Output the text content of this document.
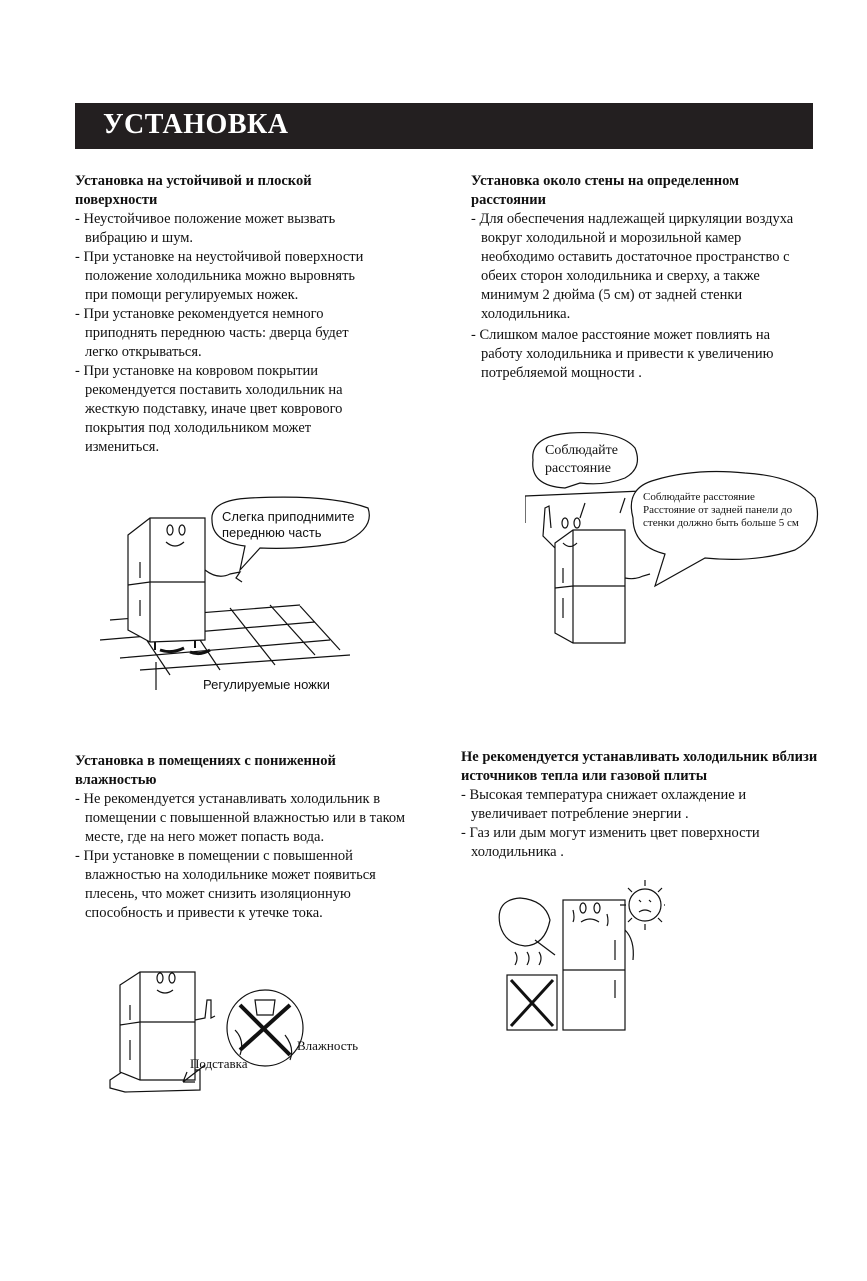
УСТАНОВКА
Установка на устойчивой и плоской поверхности
- Неустойчивое положение может вызвать вибрацию и шум.
- При установке на неустойчивой поверхности положение холодильника можно выровнять при помощи регулируемых ножек.
- При установке рекомендуется немного приподнять переднюю часть: дверца будет легко открываться.
- При установке на ковровом покрытии рекомендуется поставить холодильник на жесткую подставку, иначе цвет коврового покрытия под холодильником может измениться.
Установка около стены на определенном расстоянии
- Для обеспечения надлежащей циркуляции воздуха вокруг холодильной и морозильной камер необходимо оставить достаточное пространство с обеих сторон холодильника и сверху, а также минимум 2 дюйма (5 см) от задней стенки холодильника.
- Слишком малое расстояние может повлиять на работу холодильника и привести к увеличению потребляемой мощности .
Установка в помещениях с пониженной влажностью
- Не рекомендуется устанавливать холодильник в помещении с повышенной влажностью или в таком месте, где на него может попасть вода.
- При установке в помещении с повышенной влажностью на холодильнике может появиться плесень, что может снизить изоляционную способность и привести к утечке тока.
Не рекомендуется устанавливать холодильник вблизи источников тепла или газовой плиты
- Высокая температура снижает охлаждение и увеличивает потребление энергии .
- Газ или дым могут изменить цвет поверхности холодильника .
Слегка приподнимите переднюю часть
Регулируемые ножки
Соблюдайте расстояние
Соблюдайте расстояние
Расстояние от задней панели до стенки должно быть больше 5 см
Влажность
Подставка
